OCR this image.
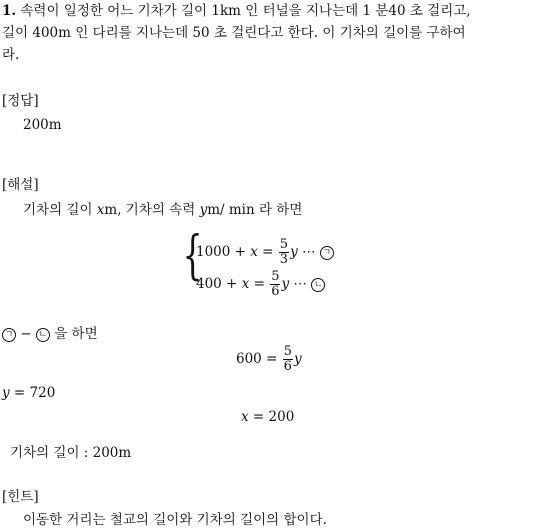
1. 속력이 일정한 어느 기차가 길이 1km 인 터널을 지나는데 1 분40 초 걸리고,
길이 400m 인 다리를 지나는데 50 초 걸린다고 한다. 이 기차의 길이를 구하여
라.
[정답]
200m
[해설]
기차의 길이 xm, 기차의 속력 ym/ min 라 하면
{
$1000 + x = \frac{5}{3}$ y ⋯ ㄱ
$400 + x = \frac{5}{6}$ y ⋯ ㄴ
ㄱ − ㄴ 을 하면
$600 = \frac{5}{6}$ y
y = 720
x = 200
기차의 길이 : 200m
[힌트]
이동한 거리는 철교의 길이와 기차의 길이의 합이다.
